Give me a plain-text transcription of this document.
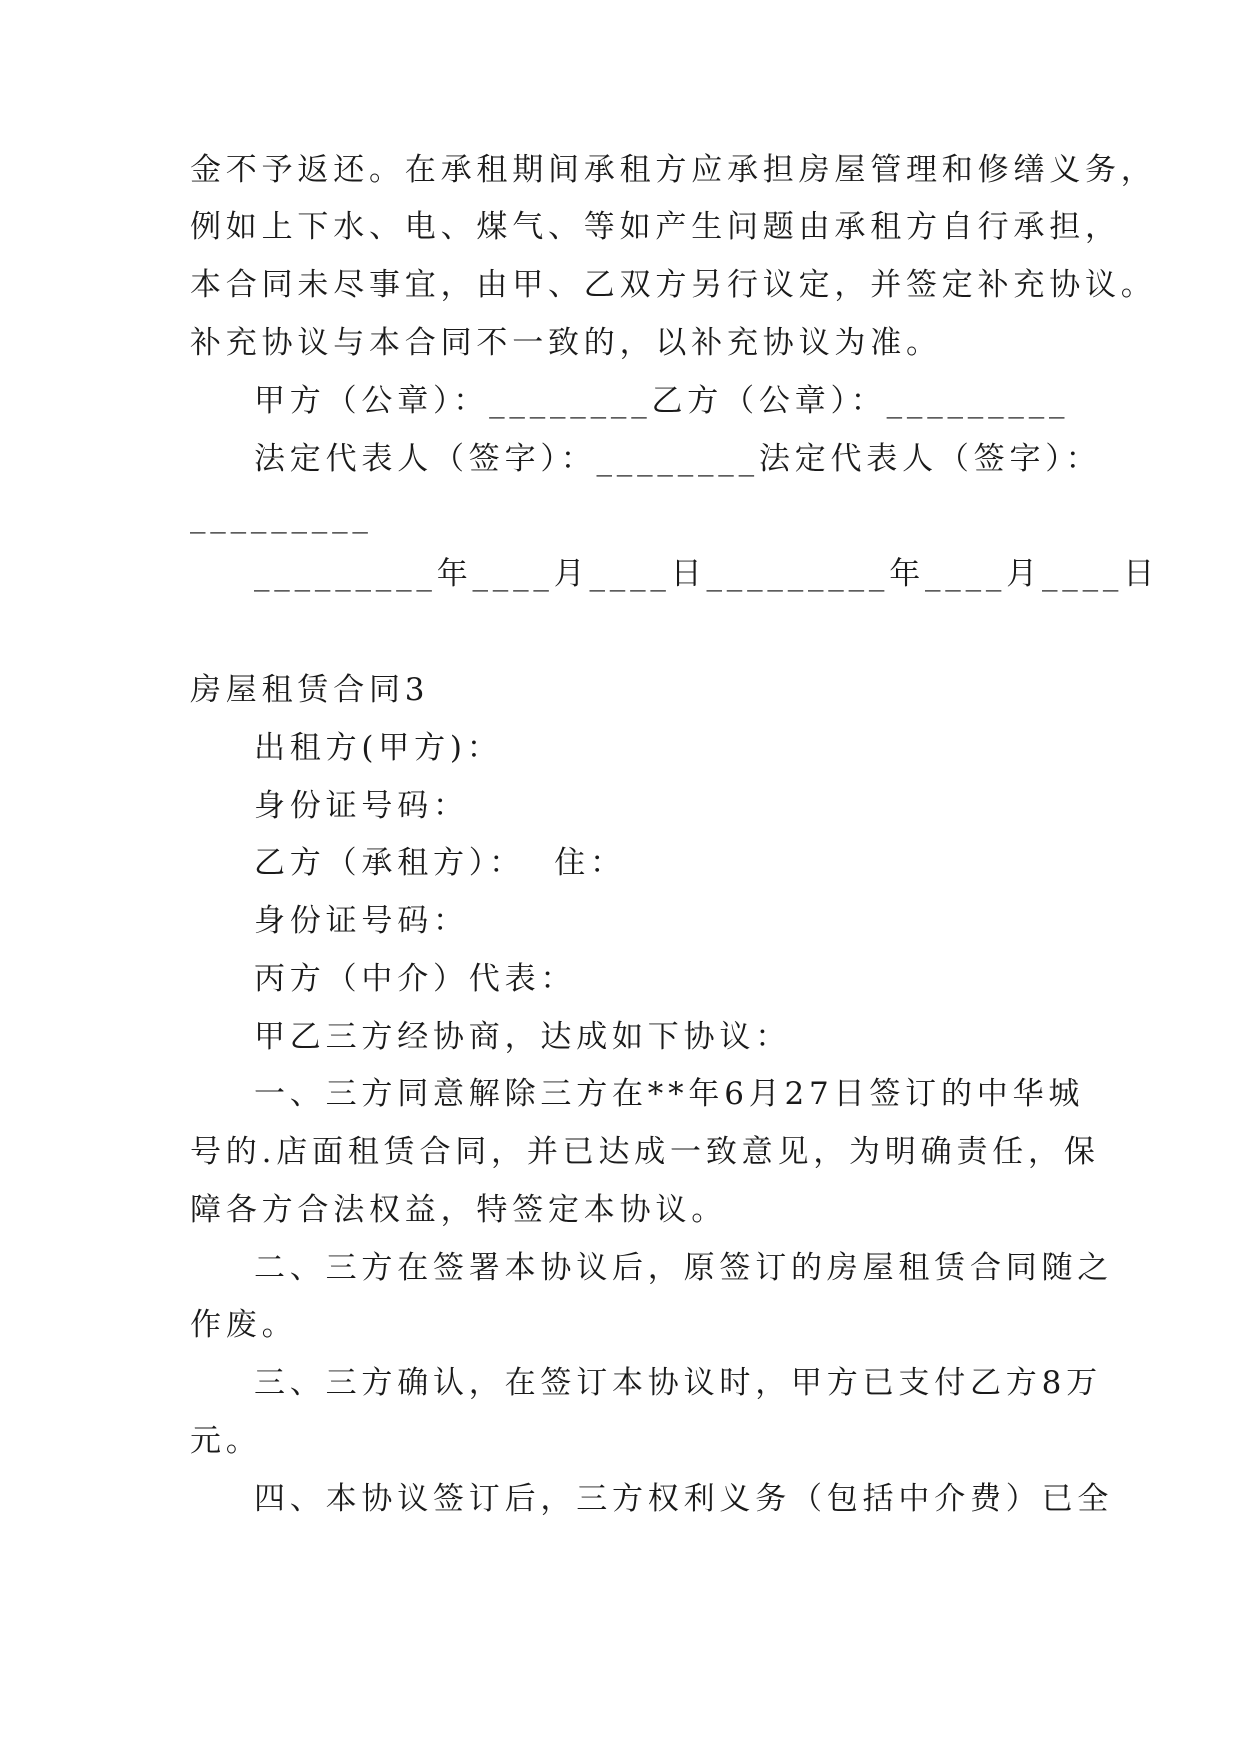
金不予返还。在承租期间承租方应承担房屋管理和修缮义务，

例如上下水、电、煤气、等如产生问题由承租方自行承担，

本合同未尽事宜，由甲、乙双方另行议定，并签定补充协议。

补充协议与本合同不一致的，以补充协议为准。

甲方（公章）：________乙方（公章）：_________

法定代表人（签字）：________法定代表人（签字）：

_________

_________年____月____日_________年____月____日

房屋租赁合同3

出租方(甲方)：

身份证号码：

乙方（承租方）：  住：

身份证号码：

丙方（中介）代表：

甲乙三方经协商，达成如下协议：

一、三方同意解除三方在**年6月27日签订的中华城

号的.店面租赁合同，并已达成一致意见，为明确责任，保

障各方合法权益，特签定本协议。

二、三方在签署本协议后，原签订的房屋租赁合同随之

作废。

三、三方确认，在签订本协议时，甲方已支付乙方8万

元。

四、本协议签订后，三方权利义务（包括中介费）已全
